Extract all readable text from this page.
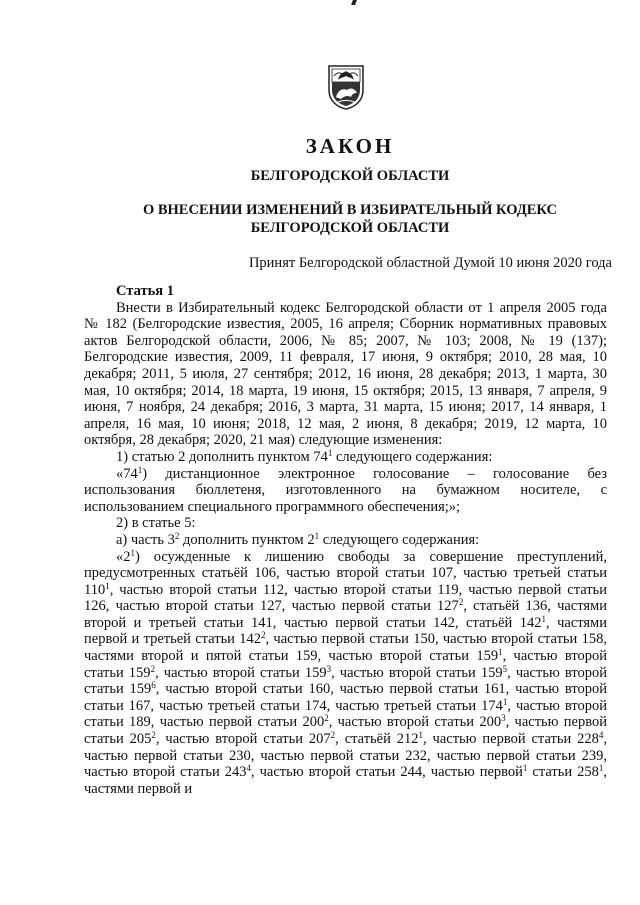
ЗАКОН
БЕЛГОРОДСКОЙ ОБЛАСТИ
О ВНЕСЕНИИ ИЗМЕНЕНИЙ В ИЗБИРАТЕЛЬНЫЙ КОДЕКС
БЕЛГОРОДСКОЙ ОБЛАСТИ
Принят Белгородской областной Думой 10 июня 2020 года

Статья 1

Внести в Избирательный кодекс Белгородской области от 1 апреля 2005 года № 182 (Белгородские известия, 2005, 16 апреля; Сборник нормативных правовых актов Белгородской области, 2006, № 85; 2007, № 103; 2008, № 19 (137); Белгородские известия, 2009, 11 февраля, 17 июня, 9 октября; 2010, 28 мая, 10 декабря; 2011, 5 июля, 27 сентября; 2012, 16 июня, 28 декабря; 2013, 1 марта, 30 мая, 10 октября; 2014, 18 марта, 19 июня, 15 октября; 2015, 13 января, 7 апреля, 9 июня, 7 ноября, 24 декабря; 2016, 3 марта, 31 марта, 15 июня; 2017, 14 января, 1 апреля, 16 мая, 10 июня; 2018, 12 мая, 2 июня, 8 декабря; 2019, 12 марта, 10 октября, 28 декабря; 2020, 21 мая) следующие изменения:

1) статью 2 дополнить пунктом $74^1$ следующего содержания:

«$74^1$) дистанционное электронное голосование – голосование без использования бюллетеня, изготовленного на бумажном носителе, с использованием специального программного обеспечения;»;

2) в статье 5:

а) часть $3^2$ дополнить пунктом $2^1$ следующего содержания:

«$2^1$) осужденные к лишению свободы за совершение преступлений, предусмотренных статьёй 106, частью второй статьи 107, частью третьей статьи $110^1$, частью второй статьи 112, частью второй статьи 119, частью первой статьи 126, частью второй статьи 127, частью первой статьи $127^2$, статьёй 136, частями второй и третьей статьи 141, частью первой статьи 142, статьёй $142^1$, частями первой и третьей статьи $142^2$, частью первой статьи 150, частью второй статьи 158, частями второй и пятой статьи 159, частью второй статьи $159^1$, частью второй статьи $159^2$, частью второй статьи $159^3$, частью второй статьи $159^5$, частью второй статьи $159^6$, частью второй статьи 160, частью первой статьи 161, частью второй статьи 167, частью третьей статьи 174, частью третьей статьи $174^1$, частью второй статьи 189, частью первой статьи $200^2$, частью второй статьи $200^3$, частью первой статьи $205^2$, частью второй статьи $207^2$, статьёй $212^1$, частью первой статьи $228^4$, частью первой статьи 230, частью первой статьи 232, частью первой статьи 239, частью второй статьи $243^4$, частью второй статьи 244, частью первой$^1$ статьи $258^1$, частями первой и
